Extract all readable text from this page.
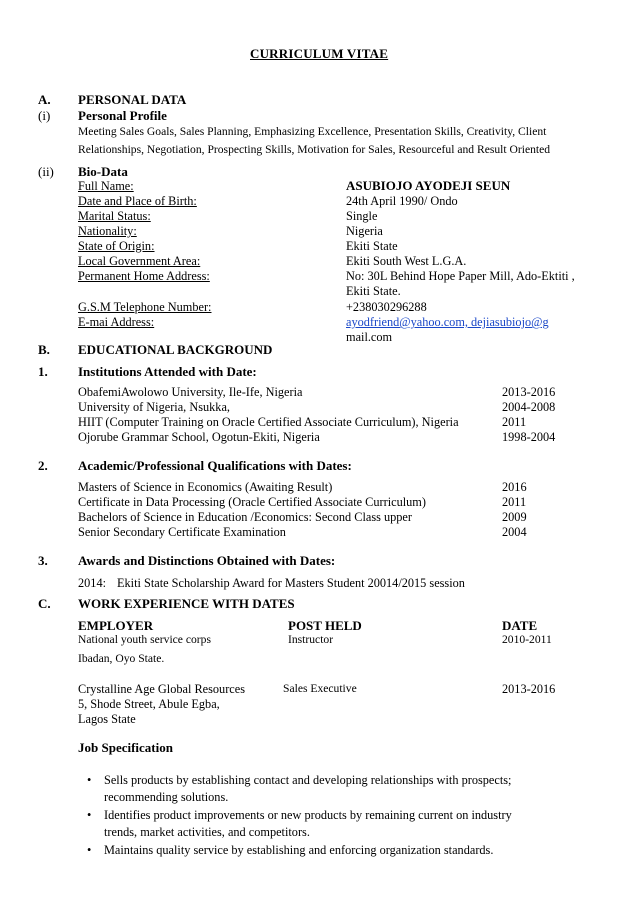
CURRICULUM VITAE
A. PERSONAL DATA
(i) Personal Profile
Meeting Sales Goals, Sales Planning, Emphasizing Excellence, Presentation Skills, Creativity, Client
Relationships, Negotiation, Prospecting Skills, Motivation for Sales, Resourceful and Result Oriented
(ii) Bio-Data
Full Name:	ASUBIOJO AYODEJI SEUN
Date and Place of Birth:	24th April 1990/ Ondo
Marital Status:	Single
Nationality:	Nigeria
State of Origin:	Ekiti State
Local Government Area:	Ekiti South West L.G.A.
Permanent Home Address:	No: 30L Behind Hope Paper Mill, Ado-Ektiti ,
Ekiti State.
G.S.M Telephone Number:	+238030296288
E-mai Address:	ayodfriend@yahoo.com, dejiasubiojo@g
mail.com
B. EDUCATIONAL BACKGROUND
1. Institutions Attended with Date:
ObafemiAwolowo University, Ile-Ife, Nigeria	2013-2016
University of Nigeria, Nsukka,	2004-2008
HIIT (Computer Training on Oracle Certified Associate Curriculum), Nigeria	2011
Ojorube Grammar School, Ogotun-Ekiti, Nigeria	1998-2004
2. Academic/Professional Qualifications with Dates:
Masters of Science in Economics (Awaiting Result)	2016
Certificate in Data Processing (Oracle Certified Associate Curriculum)	2011
Bachelors of Science in Education /Economics: Second Class upper	2009
Senior Secondary Certificate Examination	2004
3. Awards and Distinctions Obtained with Dates:
2014: Ekiti State Scholarship Award for Masters Student 20014/2015 session
C. WORK EXPERIENCE WITH DATES
EMPLOYER	POST HELD	DATE
National youth service corps	Instructor	2010-2011
Ibadan, Oyo State.
Crystalline Age Global Resources	Sales Executive	2013-2016
5, Shode Street, Abule Egba,
Lagos State
Job Specification
• Sells products by establishing contact and developing relationships with prospects;
recommending solutions.
• Identifies product improvements or new products by remaining current on industry
trends, market activities, and competitors.
• Maintains quality service by establishing and enforcing organization standards.
